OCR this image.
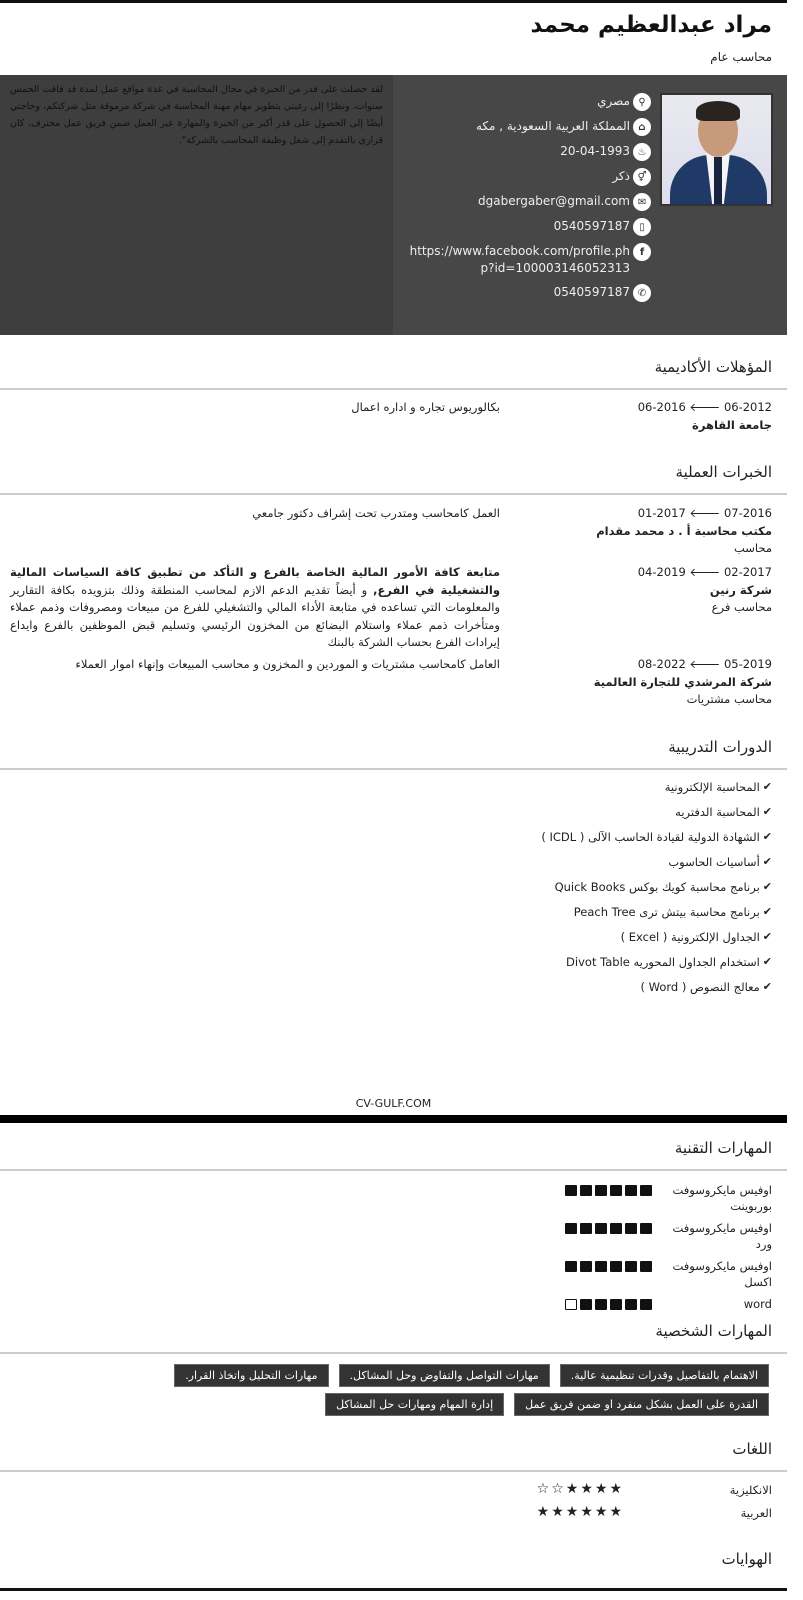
مراد عبدالعظيم محمد
محاسب عام
لقد حصلت على قدر من الخبرة في مجال المحاسبة في عدة مواقع عمل لمدة قد فاقت الخمس سنوات، ونظرًا إلى رغبتي بتطوير مهام مهنة المحاسبة في شركة مرموقة مثل شركتكم، وحاجتي أيضًا إلى الحصول على قدر أكبر من الخبرة والمهارة عبر العمل ضمن فريق عمل محترف، كان قراري بالتقدم إلى شغل وظيفة المحاسب بالشركة".
⚲
مصري
⌂
المملكة العربية السعودية , مكه
♨
20-04-1993
⚥
ذكر
✉
dgabergaber@gmail.com
▯
0540597187
f
https://www.facebook.com/profile.php?id=100003146052313
✆
0540597187
المؤهلات الأكاديمية
06-2016 🡐 06-2012
جامعة القاهرة
بكالوريوس تجاره و اداره اعمال
الخبرات العملية
01-2017 🡐 07-2016
مكتب محاسبة أ . د محمد مقدام
محاسب
العمل كامحاسب ومتدرب تحت إشراف دكتور جامعي
04-2019 🡐 02-2017
شركة رنين
محاسب فرع
متابعة كافة الأمور المالية الخاصة بالفرع و التأكد من تطبيق كافة السياسات المالية والتشغيلية في الفرع, و أيضاً تقديم الدعم الازم لمحاسب المنطقة وذلك بتزويده بكافة التقارير والمعلومات التي تساعده في متابعة الأداء المالي والتشغيلي للفرع من مبيعات ومصروفات وذمم عملاء ومتأخرات ذمم عملاء واستلام البضائع من المخزون الرئيسي وتسليم قبض الموظفين بالفرع وايداع إيرادات الفرع بحساب الشركة بالبنك
08-2022 🡐 05-2019
شركة المرشدي للتجارة العالمية
محاسب مشتريات
العامل كامحاسب مشتريات و الموردين و المخزون و محاسب المبيعات وإنهاء اموار العملاء
الدورات التدريبية
✔
المحاسبة الإلكترونية
✔
المحاسبة الدفتريه
✔
الشهادة الدولية لقيادة الحاسب الآلى ( ICDL )
✔
أساسيات الحاسوب
✔
برنامج محاسبة كويك بوكس Quick Books
✔
برنامج محاسبة بيتش ترى Peach Tree
✔
الجداول الإلكترونية ( Excel )
✔
استخدام الجداول المحوريه Divot Table
✔
معالج النصوص ( Word )
CV-GULF.COM
المهارات التقنية
اوفيس مايكروسوفت بوربوينت
اوفيس مايكروسوفت ورد
اوفيس مايكروسوفت اكسل
word
المهارات الشخصية
الاهتمام بالتفاصيل وقدرات تنظيمية عالية.
مهارات التواصل والتفاوض وحل المشاكل.
مهارات التحليل واتخاذ القرار.
القدرة على العمل بشكل منفرد او ضمن فريق عمل
إدارة المهام ومهارات حل المشاكل
اللغات
الانكليزية
★
★
★
★
☆
☆
العربية
★
★
★
★
★
★
الهوايات
